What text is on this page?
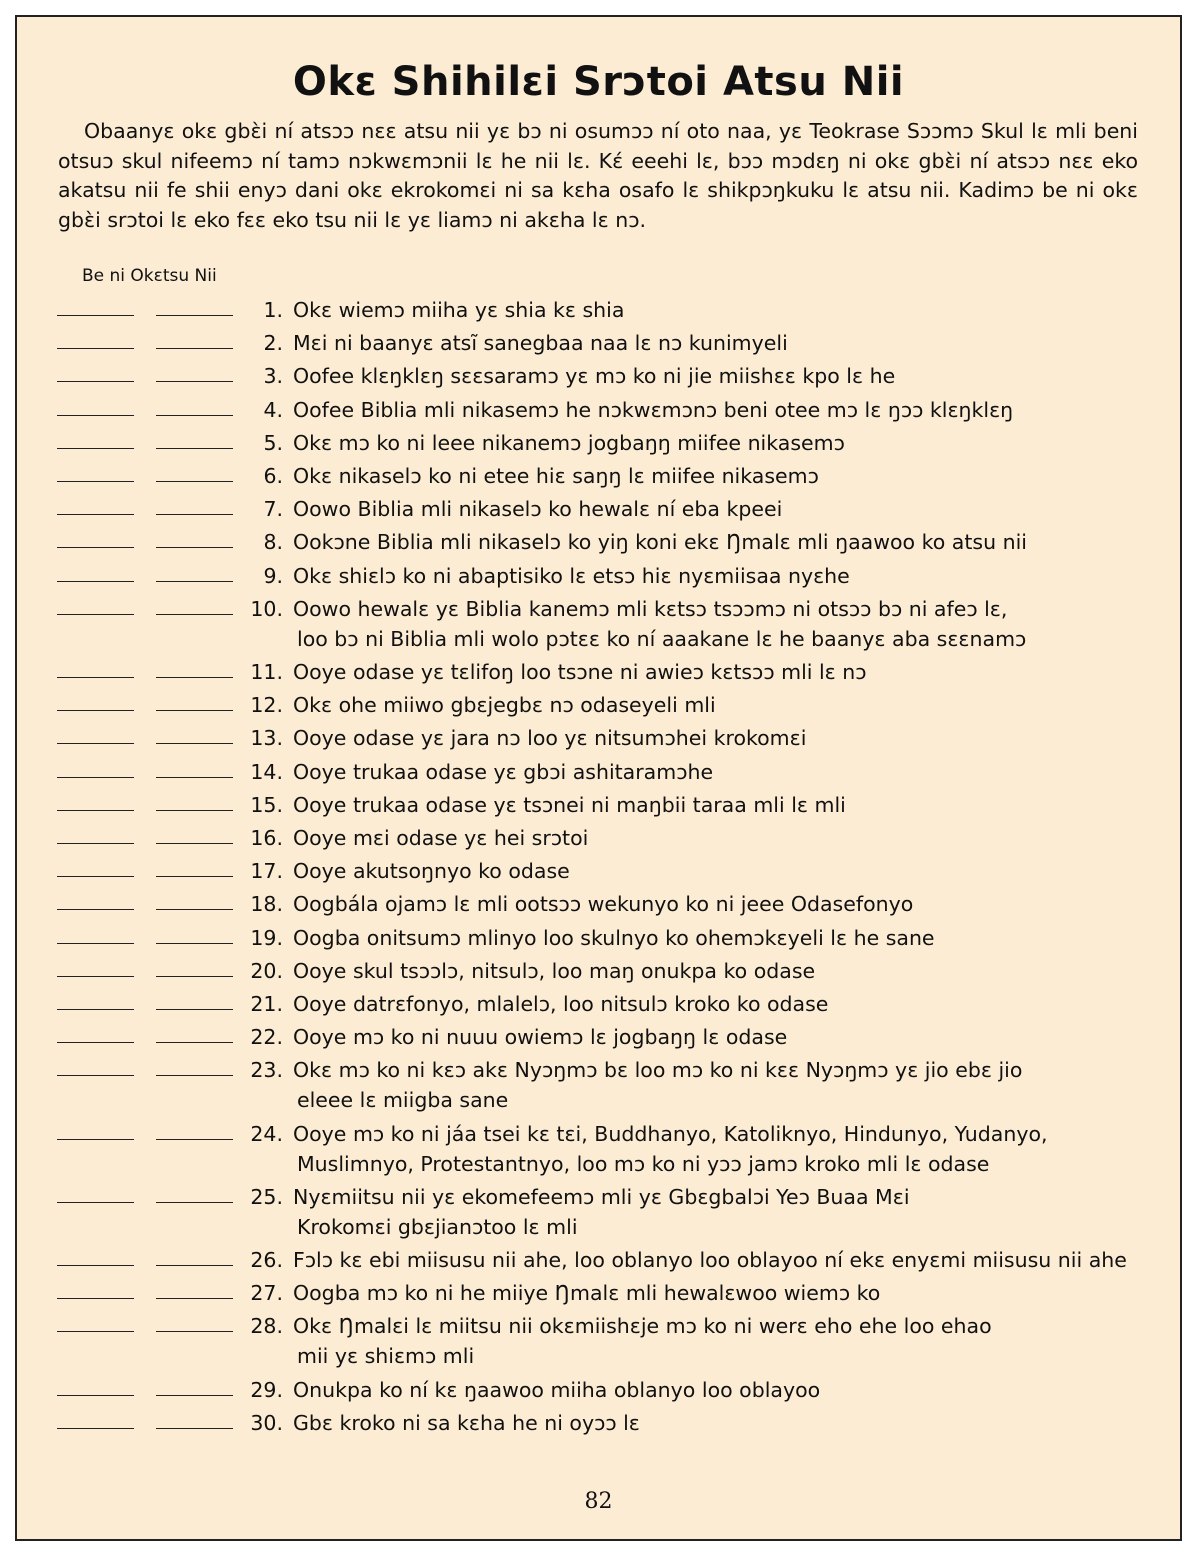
Okɛ Shihilɛi Srɔtoi Atsu Nii

Obaanyɛ okɛ gbɛ̀i ní atsɔɔ nɛɛ atsu nii yɛ bɔ ni osumɔɔ ní oto naa, yɛ Teokrase Sɔɔmɔ Skul lɛ mli beni otsuɔ skul nifeemɔ ní tamɔ nɔkwɛmɔnii lɛ he nii lɛ. Kɛ́ eeehi lɛ, bɔɔ mɔdɛŋ ni okɛ gbɛ̀i ní atsɔɔ nɛɛ eko akatsu nii fe shii enyɔ dani okɛ ekrokomɛi ni sa kɛha osafo lɛ shikpɔŋkuku lɛ atsu nii. Kadimɔ be ni okɛ gbɛ̀i srɔtoi lɛ eko fɛɛ eko tsu nii lɛ yɛ liamɔ ni akɛha lɛ nɔ.

Be ni Okɛtsu Nii
1. Okɛ wiemɔ miiha yɛ shia kɛ shia
2. Mɛi ni baanyɛ atsĩ sanegbaa naa lɛ nɔ kunimyeli
3. Oofee klɛŋklɛŋ sɛɛsaramɔ yɛ mɔ ko ni jie miishɛɛ kpo lɛ he
4. Oofee Biblia mli nikasemɔ he nɔkwɛmɔnɔ beni otee mɔ lɛ ŋɔɔ klɛŋklɛŋ
5. Okɛ mɔ ko ni leee nikanemɔ jogbaŋŋ miifee nikasemɔ
6. Okɛ nikaselɔ ko ni etee hiɛ saŋŋ lɛ miifee nikasemɔ
7. Oowo Biblia mli nikaselɔ ko hewalɛ ní eba kpeei
8. Ookɔne Biblia mli nikaselɔ ko yiŋ koni ekɛ Ŋmalɛ mli ŋaawoo ko atsu nii
9. Okɛ shiɛlɔ ko ni abaptisiko lɛ etsɔ hiɛ nyɛmiisaa nyɛhe
10. Oowo hewalɛ yɛ Biblia kanemɔ mli kɛtsɔ tsɔɔmɔ ni otsɔɔ bɔ ni afeɔ lɛ,
loo bɔ ni Biblia mli wolo pɔtɛɛ ko ní aaakane lɛ he baanyɛ aba sɛɛnamɔ
11. Ooye odase yɛ tɛlifoŋ loo tsɔne ni awieɔ kɛtsɔɔ mli lɛ nɔ
12. Okɛ ohe miiwo gbɛjegbɛ nɔ odaseyeli mli
13. Ooye odase yɛ jara nɔ loo yɛ nitsumɔhei krokomɛi
14. Ooye trukaa odase yɛ gbɔi ashitaramɔhe
15. Ooye trukaa odase yɛ tsɔnei ni maŋbii taraa mli lɛ mli
16. Ooye mɛi odase yɛ hei srɔtoi
17. Ooye akutsoŋnyo ko odase
18. Oogbála ojamɔ lɛ mli ootsɔɔ wekunyo ko ni jeee Odasefonyo
19. Oogba onitsumɔ mlinyo loo skulnyo ko ohemɔkɛyeli lɛ he sane
20. Ooye skul tsɔɔlɔ, nitsulɔ, loo maŋ onukpa ko odase
21. Ooye datrɛfonyo, mlalelɔ, loo nitsulɔ kroko ko odase
22. Ooye mɔ ko ni nuuu owiemɔ lɛ jogbaŋŋ lɛ odase
23. Okɛ mɔ ko ni kɛɔ akɛ Nyɔŋmɔ bɛ loo mɔ ko ni kɛɛ Nyɔŋmɔ yɛ jio ebɛ jio
eleee lɛ miigba sane
24. Ooye mɔ ko ni jáa tsei kɛ tɛi, Buddhanyo, Katoliknyo, Hindunyo, Yudanyo,
Muslimnyo, Protestantnyo, loo mɔ ko ni yɔɔ jamɔ kroko mli lɛ odase
25. Nyɛmiitsu nii yɛ ekomefeemɔ mli yɛ Gbɛgbalɔi Yeɔ Buaa Mɛi
Krokomɛi gbɛjianɔtoo lɛ mli
26. Fɔlɔ kɛ ebi miisusu nii ahe, loo oblanyo loo oblayoo ní ekɛ enyɛmi miisusu nii ahe
27. Oogba mɔ ko ni he miiye Ŋmalɛ mli hewalɛwoo wiemɔ ko
28. Okɛ Ŋmalɛi lɛ miitsu nii okɛmiishɛje mɔ ko ni werɛ eho ehe loo ehao
mii yɛ shiɛmɔ mli
29. Onukpa ko ní kɛ ŋaawoo miiha oblanyo loo oblayoo
30. Gbɛ kroko ni sa kɛha he ni oyɔɔ lɛ
82
